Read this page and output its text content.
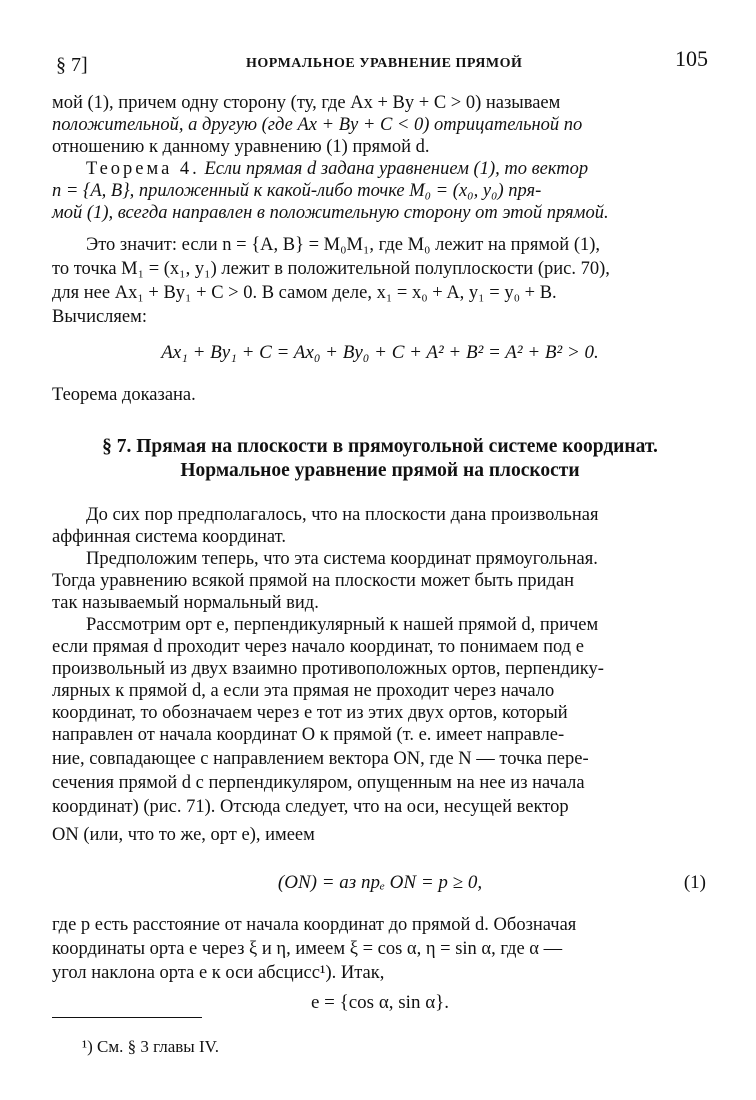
§ 7]	НОРМАЛЬНОЕ УРАВНЕНИЕ ПРЯМОЙ	105
мой (1), причем одну сторону (ту, где Ax + By + C > 0) называем
положительной, а другую (где Ax + By + C < 0) отрицательной по
отношению к данному уравнению (1) прямой d.
Теорема 4. Если прямая d задана уравнением (1), то вектор
n = {A, B}, приложенный к какой-либо точке M₀ = (x₀, y₀) пря-
мой (1), всегда направлен в положительную сторону от этой прямой.
Это значит: если n = {A, B} = M₀M₁, где M₀ лежит на прямой (1),
то точка M₁ = (x₁, y₁) лежит в положительной полуплоскости (рис. 70),
для нее Ax₁ + By₁ + C > 0. В самом деле, x₁ = x₀ + A, y₁ = y₀ + B.
Вычисляем:
Ax₁ + By₁ + C = Ax₀ + By₀ + C + A² + B² = A² + B² > 0.
Теорема доказана.
§ 7. Прямая на плоскости в прямоугольной системе координат.
Нормальное уравнение прямой на плоскости
До сих пор предполагалось, что на плоскости дана произвольная
аффинная система координат.
Предположим теперь, что эта система координат прямоугольная.
Тогда уравнению всякой прямой на плоскости может быть придан
так называемый нормальный вид.
Рассмотрим орт e, перпендикулярный к нашей прямой d, причем
если прямая d проходит через начало координат, то понимаем под e
произвольный из двух взаимно противоположных ортов, перпендику-
лярных к прямой d, а если эта прямая не проходит через начало
координат, то обозначаем через e тот из этих двух ортов, который
направлен от начала координат O к прямой (т. е. имеет направле-
ние, совпадающее с направлением вектора ON, где N — точка пере-
сечения прямой d с перпендикуляром, опущенным на нее из начала
координат) (рис. 71). Отсюда следует, что на оси, несущей вектор
ON (или, что то же, орт e), имеем
(ON) = аз прₑ ON = p ≥ 0,	(1)
где p есть расстояние от начала координат до прямой d. Обозначая
координаты орта e через ξ и η, имеем ξ = cos α, η = sin α, где α —
угол наклона орта e к оси абсцисс¹). Итак,
e = {cos α, sin α}.
¹) См. § 3 главы IV.
